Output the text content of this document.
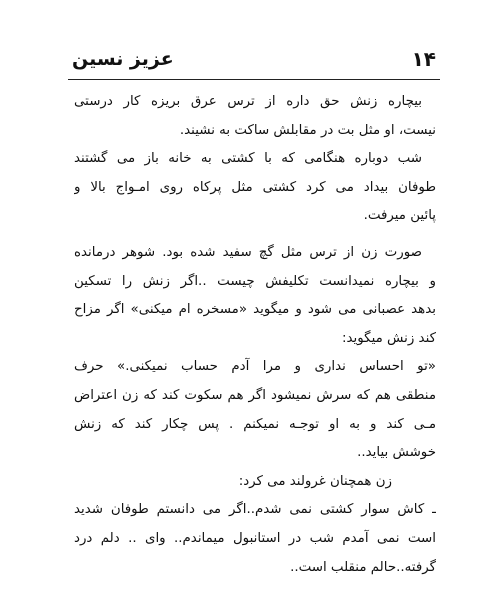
عزیز نسین	۱۴
بیچاره زنش حق داره از ترس عرق بریزه کار درستی
نیست، او مثل بت در مقابلش ساکت به نشیند.
شب دوباره هنگامی که با کشتی به خانه باز می گشتند
طوفان بیداد می کرد کشتی مثل پرکاه روی امـواج بالا و
پائین میرفت.
صورت زن از ترس مثل گچ سفید شده بود. شوهر درمانده
و بیچاره نمیدانست تکلیفش چیست ..اگر زنش را تسکین
بدهد عصبانی می شود و میگوید «مسخره ام میکنی» اگر مزاح
کند زنش میگوید:
«تو احساس نداری و مرا آدم حساب نمیکنی.» حرف
منطقی هم که سرش نمیشود اگر هم سکوت کند که زن اعتراض
مـی کند و به او توجـه نمیکنم . پس چکار کند که زنش
خوشش بیاید..
زن همچنان غرولند می کرد:
ـ کاش سوار کشتی نمی شدم..اگر می دانستم طوفان شدید
است نمی آمدم شب در استانبول میماندم.. وای .. دلم درد
گرفته..حالم منقلب است..
